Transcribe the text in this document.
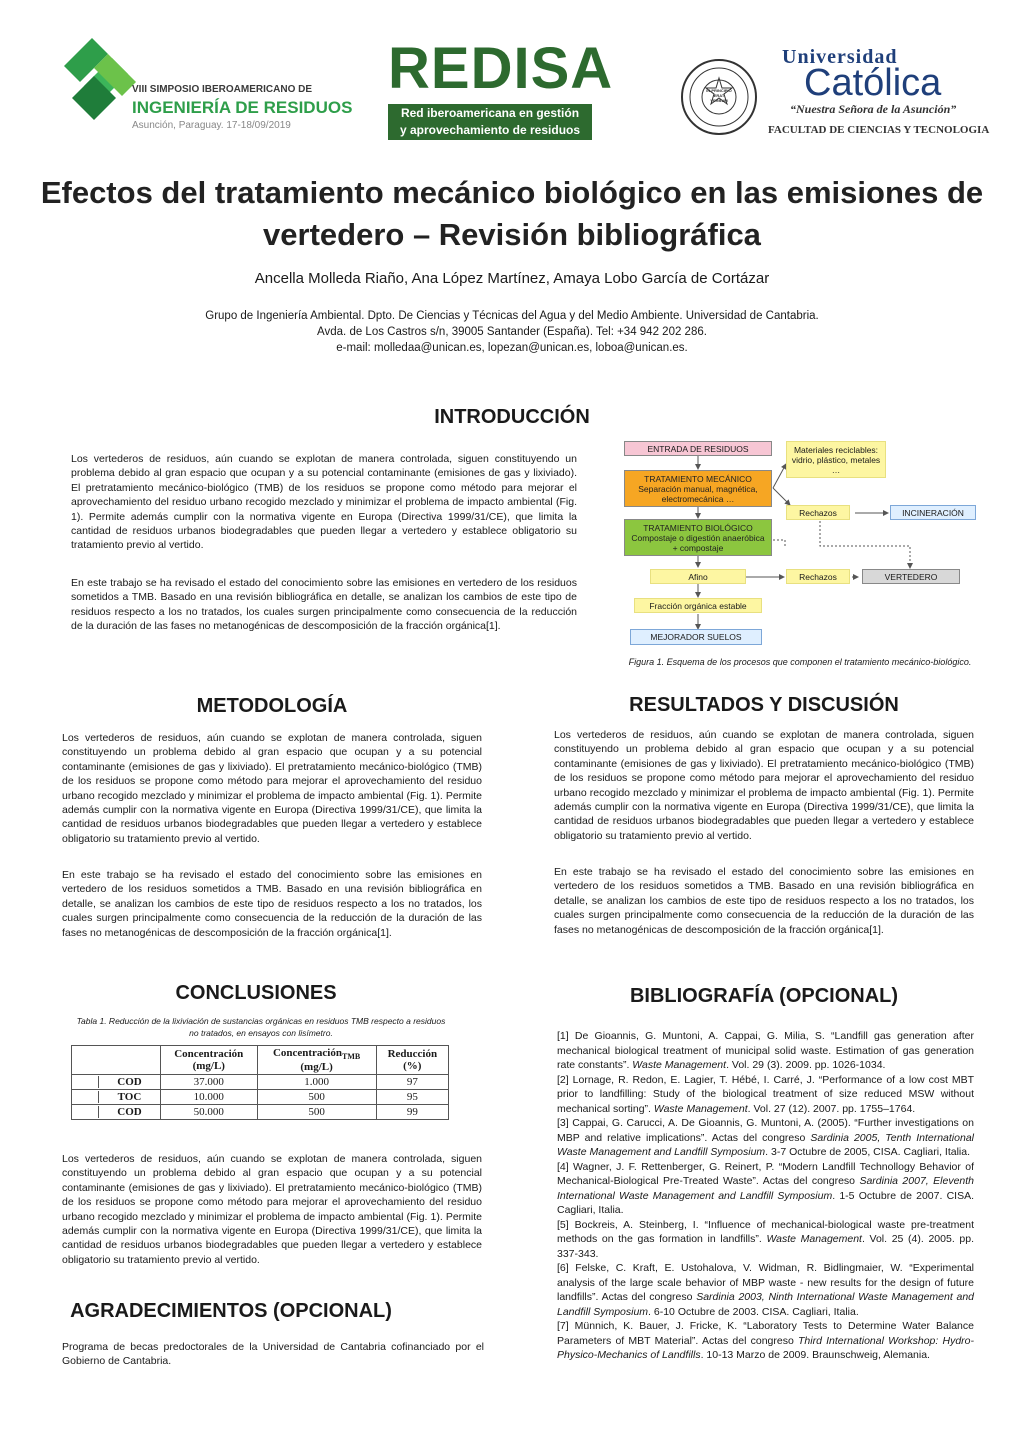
VIII SIMPOSIO IBEROAMERICANO DE
INGENIERÍA DE RESIDUOS
Asunción, Paraguay. 17-18/09/2019
REDISA
Red iberoamericana en gestión
y aprovechamiento de residuos
IN PRINCIPIO ERAT VERBUM
Universidad
Católica
“Nuestra Señora de la Asunción”
FACULTAD DE CIENCIAS Y TECNOLOGIA
Efectos del tratamiento mecánico biológico en las emisiones de
vertedero – Revisión bibliográfica
Ancella Molleda Riaño, Ana López Martínez, Amaya Lobo García de Cortázar
Grupo de Ingeniería Ambiental. Dpto. De Ciencias y Técnicas del Agua y del Medio Ambiente. Universidad de Cantabria.
Avda. de Los Castros s/n, 39005 Santander (España). Tel: +34 942 202 286.
e-mail: molledaa@unican.es, lopezan@unican.es, loboa@unican.es.
INTRODUCCIÓN
Los vertederos de residuos, aún cuando se explotan de manera controlada, siguen constituyendo un problema debido al gran espacio que ocupan y a su potencial contaminante (emisiones de gas y lixiviado). El pretratamiento mecánico-biológico (TMB) de los residuos se propone como método para mejorar el aprovechamiento del residuo urbano recogido mezclado y minimizar el problema de impacto ambiental (Fig. 1). Permite además cumplir con la normativa vigente en Europa (Directiva 1999/31/CE), que limita la cantidad de residuos urbanos biodegradables que pueden llegar a vertedero y establece obligatorio su tratamiento previo al vertido.
En este trabajo se ha revisado el estado del conocimiento sobre las emisiones en vertedero de los residuos sometidos a TMB. Basado en una revisión bibliográfica en detalle, se analizan los cambios de este tipo de residuos respecto a los no tratados, los cuales surgen principalmente como consecuencia de la reducción de la duración de las fases no metanogénicas de descomposición de la fracción orgánica[1].
ENTRADA DE RESIDUOS
TRATAMIENTO MECÁNICO Separación manual, magnética, electromecánica …
TRATAMIENTO BIOLÓGICO Compostaje o digestión anaeróbica + compostaje
Materiales reciclables: vidrio, plástico, metales …
Rechazos	INCINERACIÓN
Afino	Rechazos	VERTEDERO
Fracción orgánica estable
MEJORADOR SUELOS
Figura 1. Esquema de los procesos que componen el tratamiento mecánico-biológico.
METODOLOGÍA
Los vertederos de residuos, aún cuando se explotan de manera controlada, siguen constituyendo un problema debido al gran espacio que ocupan y a su potencial contaminante (emisiones de gas y lixiviado). El pretratamiento mecánico-biológico (TMB) de los residuos se propone como método para mejorar el aprovechamiento del residuo urbano recogido mezclado y minimizar el problema de impacto ambiental (Fig. 1). Permite además cumplir con la normativa vigente en Europa (Directiva 1999/31/CE), que limita la cantidad de residuos urbanos biodegradables que pueden llegar a vertedero y establece obligatorio su tratamiento previo al vertido.
En este trabajo se ha revisado el estado del conocimiento sobre las emisiones en vertedero de los residuos sometidos a TMB. Basado en una revisión bibliográfica en detalle, se analizan los cambios de este tipo de residuos respecto a los no tratados, los cuales surgen principalmente como consecuencia de la reducción de la duración de las fases no metanogénicas de descomposición de la fracción orgánica[1].
RESULTADOS Y DISCUSIÓN
Los vertederos de residuos, aún cuando se explotan de manera controlada, siguen constituyendo un problema debido al gran espacio que ocupan y a su potencial contaminante (emisiones de gas y lixiviado). El pretratamiento mecánico-biológico (TMB) de los residuos se propone como método para mejorar el aprovechamiento del residuo urbano recogido mezclado y minimizar el problema de impacto ambiental (Fig. 1). Permite además cumplir con la normativa vigente en Europa (Directiva 1999/31/CE), que limita la cantidad de residuos urbanos biodegradables que pueden llegar a vertedero y establece obligatorio su tratamiento previo al vertido.
En este trabajo se ha revisado el estado del conocimiento sobre las emisiones en vertedero de los residuos sometidos a TMB. Basado en una revisión bibliográfica en detalle, se analizan los cambios de este tipo de residuos respecto a los no tratados, los cuales surgen principalmente como consecuencia de la reducción de la duración de las fases no metanogénicas de descomposición de la fracción orgánica[1].
CONCLUSIONES
Tabla 1. Reducción de la lixiviación de sustancias orgánicas en residuos TMB respecto a residuos no tratados, en ensayos con lisímetro.
	Concentración
(mg/L)	Concentración$_{TMB}$
(mg/L)	Reducción
(%)

COD	37.000	1.000	97

TOC	10.000	500	95

COD	50.000	500	99
Los vertederos de residuos, aún cuando se explotan de manera controlada, siguen constituyendo un problema debido al gran espacio que ocupan y a su potencial contaminante (emisiones de gas y lixiviado). El pretratamiento mecánico-biológico (TMB) de los residuos se propone como método para mejorar el aprovechamiento del residuo urbano recogido mezclado y minimizar el problema de impacto ambiental (Fig. 1). Permite además cumplir con la normativa vigente en Europa (Directiva 1999/31/CE), que limita la cantidad de residuos urbanos biodegradables que pueden llegar a vertedero y establece obligatorio su tratamiento previo al vertido.
AGRADECIMIENTOS (OPCIONAL)
Programa de becas predoctorales de la Universidad de Cantabria cofinanciado por el Gobierno de Cantabria.
BIBLIOGRAFÍA (OPCIONAL)

[1] De Gioannis, G. Muntoni, A. Cappai, G. Milia, S. “Landfill gas generation after mechanical biological treatment of municipal solid waste. Estimation of gas generation rate constants”. Waste Management. Vol. 29 (3). 2009. pp. 1026-1034.

[2] Lornage, R. Redon, E. Lagier, T. Hébé, I. Carré, J. “Performance of a low cost MBT prior to landfilling: Study of the biological treatment of size reduced MSW without mechanical sorting”. Waste Management. Vol. 27 (12). 2007. pp. 1755–1764.

[3] Cappai, G. Carucci, A. De Gioannis, G. Muntoni, A. (2005). “Further investigations on MBP and relative implications”. Actas del congreso Sardinia 2005, Tenth International Waste Management and Landfill Symposium. 3-7 Octubre de 2005, CISA. Cagliari, Italia.

[4] Wagner, J. F. Rettenberger, G. Reinert, P. “Modern Landfill Technollogy Behavior of Mechanical-Biological Pre-Treated Waste”. Actas del congreso Sardinia 2007, Eleventh International Waste Management and Landfill Symposium. 1-5 Octubre de 2007. CISA. Cagliari, Italia.

[5] Bockreis, A. Steinberg, I. “Influence of mechanical-biological waste pre-treatment methods on the gas formation in landfills”. Waste Management. Vol. 25 (4). 2005. pp. 337-343.

[6] Felske, C. Kraft, E. Ustohalova, V. Widman, R. Bidlingmaier, W. “Experimental analysis of the large scale behavior of MBP waste - new results for the design of future landfills”. Actas del congreso Sardinia 2003, Ninth International Waste Management and Landfill Symposium. 6-10 Octubre de 2003. CISA. Cagliari, Italia.

[7] Münnich, K. Bauer, J. Fricke, K. “Laboratory Tests to Determine Water Balance Parameters of MBT Material”. Actas del congreso Third International Workshop: Hydro-Physico-Mechanics of Landfills. 10-13 Marzo de 2009. Braunschweig, Alemania.
